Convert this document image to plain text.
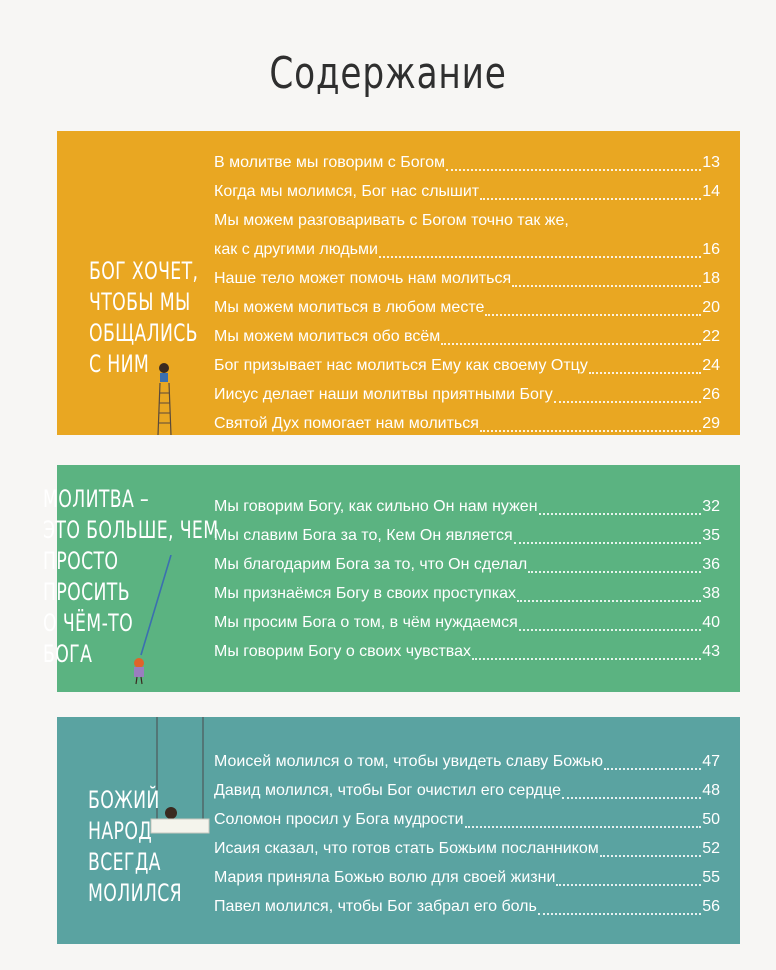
Содержание
БОГ ХОЧЕТ,
ЧТОБЫ МЫ
ОБЩАЛИСЬ
С НИМ
В молитве мы говорим с Богом	13
Когда мы молимся, Бог нас слышит	14
Мы можем разговаривать с Богом точно так же,
как с другими людьми	16
Наше тело может помочь нам молиться	18
Мы можем молиться в любом месте	20
Мы можем молиться обо всём	22
Бог призывает нас молиться Ему как своему Отцу	24
Иисус делает наши молитвы приятными Богу	26
Святой Дух помогает нам молиться	29
МОЛИТВА –
ЭТО БОЛЬШЕ, ЧЕМ
ПРОСТО
ПРОСИТЬ
О ЧЁМ-ТО
БОГА
Мы говорим Богу, как сильно Он нам нужен	32
Мы славим Бога за то, Кем Он является	35
Мы благодарим Бога за то, что Он сделал	36
Мы признаёмся Богу в своих проступках	38
Мы просим Бога о том, в чём нуждаемся	40
Мы говорим Богу о своих чувствах	43
БОЖИЙ
НАРОД
ВСЕГДА
МОЛИЛСЯ
Моисей молился о том, чтобы увидеть славу Божью	47
Давид молился, чтобы Бог очистил его сердце	48
Соломон просил у Бога мудрости	50
Исаия сказал, что готов стать Божьим посланником	52
Мария приняла Божью волю для своей жизни	55
Павел молился, чтобы Бог забрал его боль	56
